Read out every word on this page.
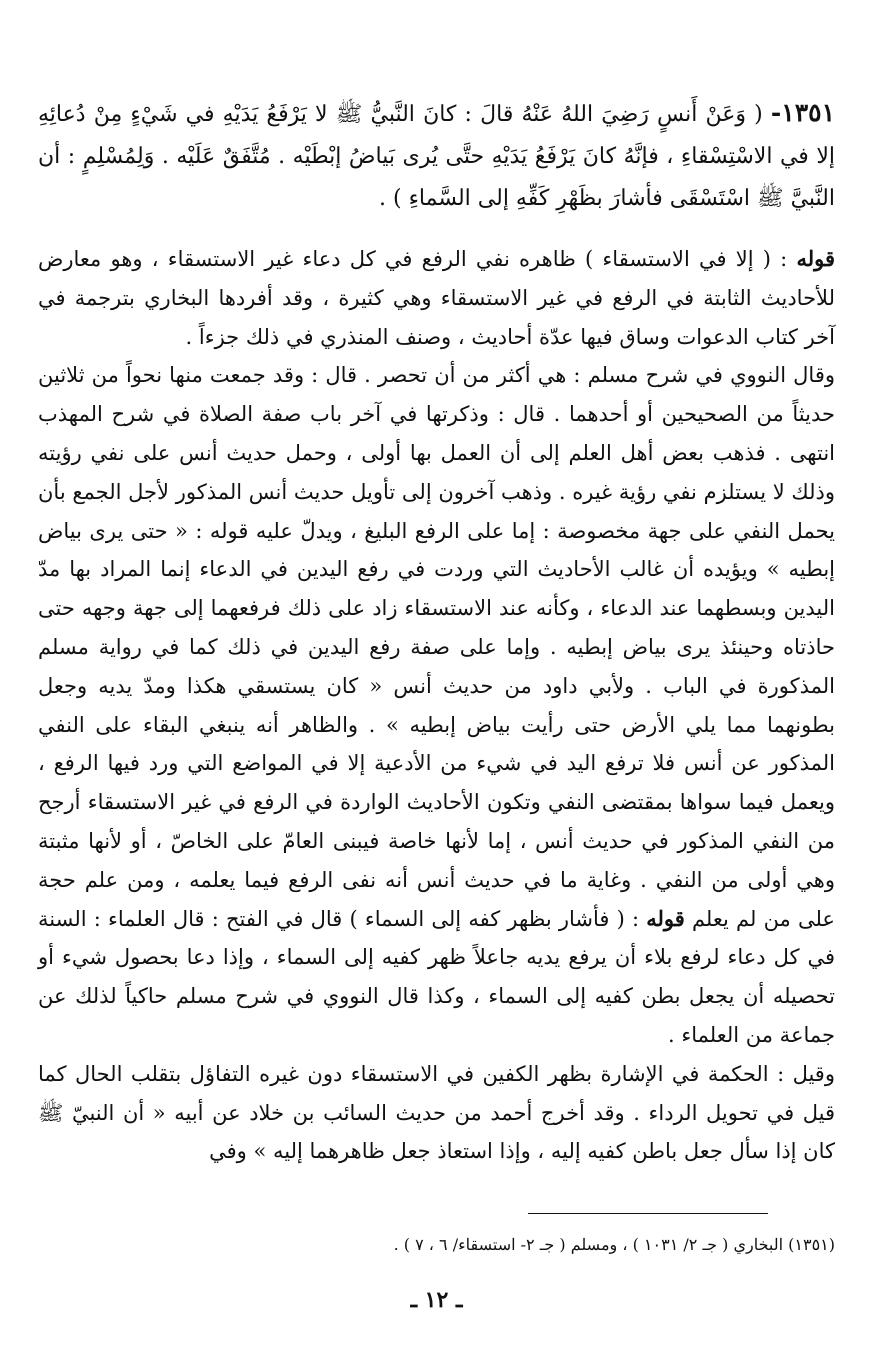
١٣٥١- ( وَعَنْ أَنسٍ رَضِيَ اللهُ عَنْهُ قالَ : كانَ النَّبيُّ ﷺ لا يَرْفَعُ يَدَيْهِ في شَيْءٍ مِنْ دُعائِهِ إلا في الاسْتِسْقاءِ ، فإنَّهُ كانَ يَرْفَعُ يَدَيْهِ حتَّى يُرى بَياضُ إبْطَيْه . مُتَّفَقٌ عَلَيْه . وَلِمُسْلِمٍ : أن النَّبيَّ ﷺ اسْتَسْقَى فأشارَ بظَهْرِ كَفِّهِ إلى السَّماءِ ) .

قوله : ( إلا في الاستسقاء ) ظاهره نفي الرفع في كل دعاء غير الاستسقاء ، وهو معارض للأحاديث الثابتة في الرفع في غير الاستسقاء وهي كثيرة ، وقد أفردها البخاري بترجمة في آخر كتاب الدعوات وساق فيها عدّة أحاديث ، وصنف المنذري في ذلك جزءاً .

وقال النووي في شرح مسلم : هي أكثر من أن تحصر . قال : وقد جمعت منها نحواً من ثلاثين حديثاً من الصحيحين أو أحدهما . قال : وذكرتها في آخر باب صفة الصلاة في شرح المهذب انتهى . فذهب بعض أهل العلم إلى أن العمل بها أولى ، وحمل حديث أنس على نفي رؤيته وذلك لا يستلزم نفي رؤية غيره . وذهب آخرون إلى تأويل حديث أنس المذكور لأجل الجمع بأن يحمل النفي على جهة مخصوصة : إما على الرفع البليغ ، ويدلّ عليه قوله : « حتى يرى بياض إبطيه » ويؤيده أن غالب الأحاديث التي وردت في رفع اليدين في الدعاء إنما المراد بها مدّ اليدين وبسطهما عند الدعاء ، وكأنه عند الاستسقاء زاد على ذلك فرفعهما إلى جهة وجهه حتى حاذتاه وحينئذ يرى بياض إبطيه . وإما على صفة رفع اليدين في ذلك كما في رواية مسلم المذكورة في الباب . ولأبي داود من حديث أنس « كان يستسقي هكذا ومدّ يديه وجعل بطونهما مما يلي الأرض حتى رأيت بياض إبطيه » . والظاهر أنه ينبغي البقاء على النفي المذكور عن أنس فلا ترفع اليد في شيء من الأدعية إلا في المواضع التي ورد فيها الرفع ، ويعمل فيما سواها بمقتضى النفي وتكون الأحاديث الواردة في الرفع في غير الاستسقاء أرجح من النفي المذكور في حديث أنس ، إما لأنها خاصة فيبنى العامّ على الخاصّ ، أو لأنها مثبتة وهي أولى من النفي . وغاية ما في حديث أنس أنه نفى الرفع فيما يعلمه ، ومن علم حجة على من لم يعلم قوله : ( فأشار بظهر كفه إلى السماء ) قال في الفتح : قال العلماء : السنة في كل دعاء لرفع بلاء أن يرفع يديه جاعلاً ظهر كفيه إلى السماء ، وإذا دعا بحصول شيء أو تحصيله أن يجعل بطن كفيه إلى السماء ، وكذا قال النووي في شرح مسلم حاكياً لذلك عن جماعة من العلماء .

وقيل : الحكمة في الإشارة بظهر الكفين في الاستسقاء دون غيره التفاؤل بتقلب الحال كما قيل في تحويل الرداء . وقد أخرج أحمد من حديث السائب بن خلاد عن أبيه « أن النبيّ ﷺ كان إذا سأل جعل باطن كفيه إليه ، وإذا استعاذ جعل ظاهرهما إليه » وفي

(١٣٥١) البخاري ( جـ ٢/ ١٠٣١ ) ، ومسلم ( جـ ٢- استسقاء/ ٦ ، ٧ ) .

ـ ١٢ ـ
